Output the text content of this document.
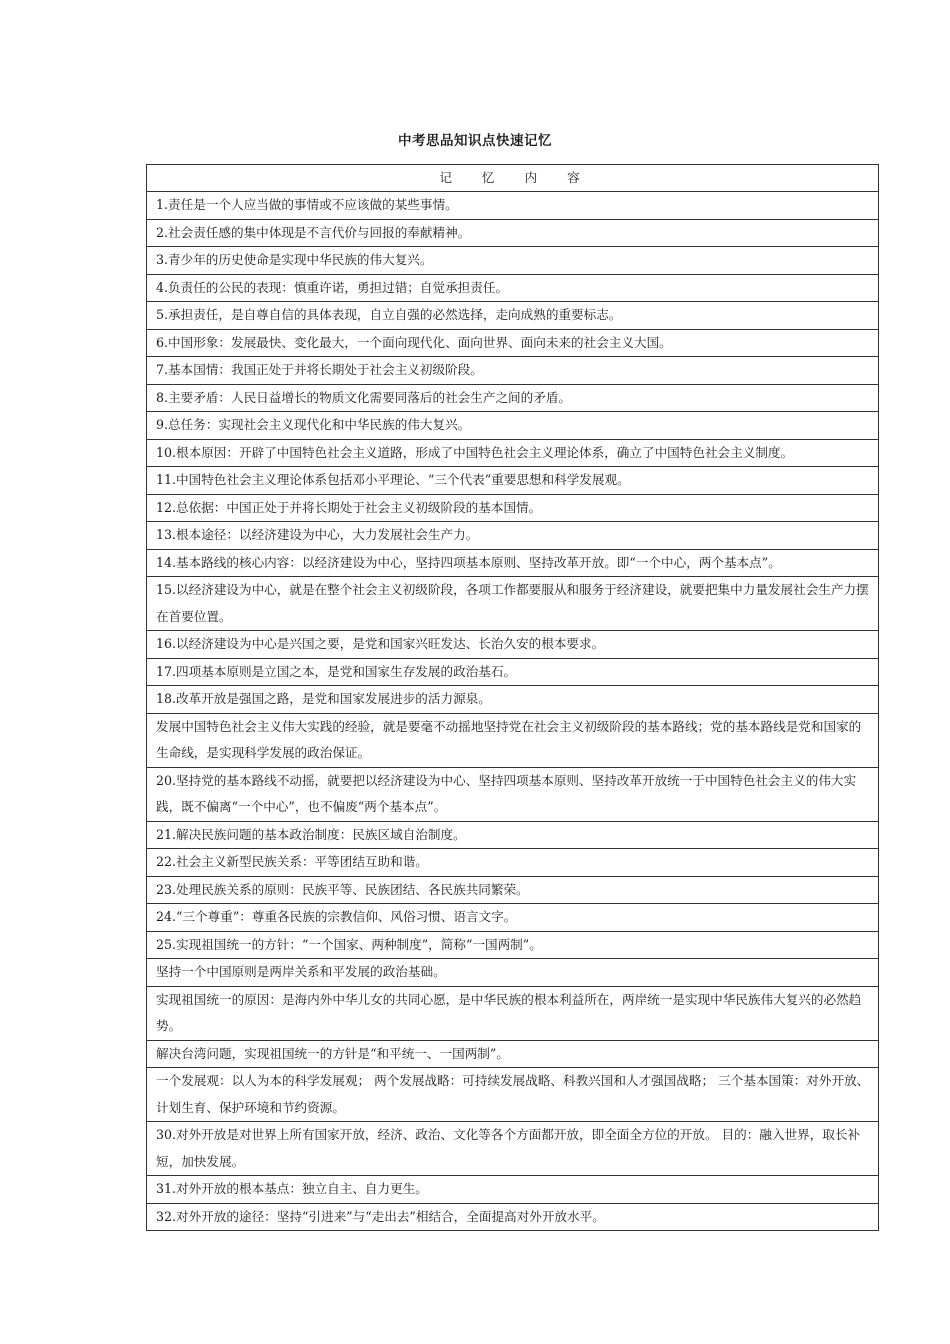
中考思品知识点快速记忆
记忆内容
1.责任是一个人应当做的事情或不应该做的某些事情。
2.社会责任感的集中体现是不言代价与回报的奉献精神。
3.青少年的历史使命是实现中华民族的伟大复兴。
4.负责任的公民的表现：慎重许诺，勇担过错；自觉承担责任。
5.承担责任，是自尊自信的具体表现，自立自强的必然选择，走向成熟的重要标志。
6.中国形象：发展最快、变化最大，一个面向现代化、面向世界、面向未来的社会主义大国。
7.基本国情：我国正处于并将长期处于社会主义初级阶段。
8.主要矛盾：人民日益增长的物质文化需要同落后的社会生产之间的矛盾。
9.总任务：实现社会主义现代化和中华民族的伟大复兴。
10.根本原因：开辟了中国特色社会主义道路，形成了中国特色社会主义理论体系，确立了中国特色社会主义制度。
11.中国特色社会主义理论体系包括邓小平理论、“三个代表”重要思想和科学发展观。
12.总依据：中国正处于并将长期处于社会主义初级阶段的基本国情。
13.根本途径：以经济建设为中心，大力发展社会生产力。
14.基本路线的核心内容：以经济建设为中心，坚持四项基本原则、坚持改革开放。即“一个中心，两个基本点”。
15.以经济建设为中心，就是在整个社会主义初级阶段，各项工作都要服从和服务于经济建设，就要把集中力量发展社会生产力摆在首要位置。
16.以经济建设为中心是兴国之要，是党和国家兴旺发达、长治久安的根本要求。
17.四项基本原则是立国之本，是党和国家生存发展的政治基石。
18.改革开放是强国之路，是党和国家发展进步的活力源泉。
发展中国特色社会主义伟大实践的经验，就是要毫不动摇地坚持党在社会主义初级阶段的基本路线；党的基本路线是党和国家的生命线，是实现科学发展的政治保证。
20.坚持党的基本路线不动摇，就要把以经济建设为中心、坚持四项基本原则、坚持改革开放统一于中国特色社会主义的伟大实践，既不偏离“一个中心”，也不偏废“两个基本点”。
21.解决民族问题的基本政治制度：民族区域自治制度。
22.社会主义新型民族关系：平等团结互助和谐。
23.处理民族关系的原则：民族平等、民族团结、各民族共同繁荣。
24.“三个尊重”：尊重各民族的宗教信仰、风俗习惯、语言文字。
25.实现祖国统一的方针：“一个国家、两种制度”，简称“一国两制”。
坚持一个中国原则是两岸关系和平发展的政治基础。
实现祖国统一的原因：是海内外中华儿女的共同心愿，是中华民族的根本利益所在，两岸统一是实现中华民族伟大复兴的必然趋势。
解决台湾问题，实现祖国统一的方针是“和平统一、一国两制”。
一个发展观：以人为本的科学发展观； 两个发展战略：可持续发展战略、科教兴国和人才强国战略； 三个基本国策：对外开放、计划生育、保护环境和节约资源。
30.对外开放是对世界上所有国家开放，经济、政治、文化等各个方面都开放，即全面全方位的开放。 目的：融入世界，取长补短，加快发展。
31.对外开放的根本基点：独立自主、自力更生。
32.对外开放的途径：坚持“引进来”与“走出去”相结合，全面提高对外开放水平。
